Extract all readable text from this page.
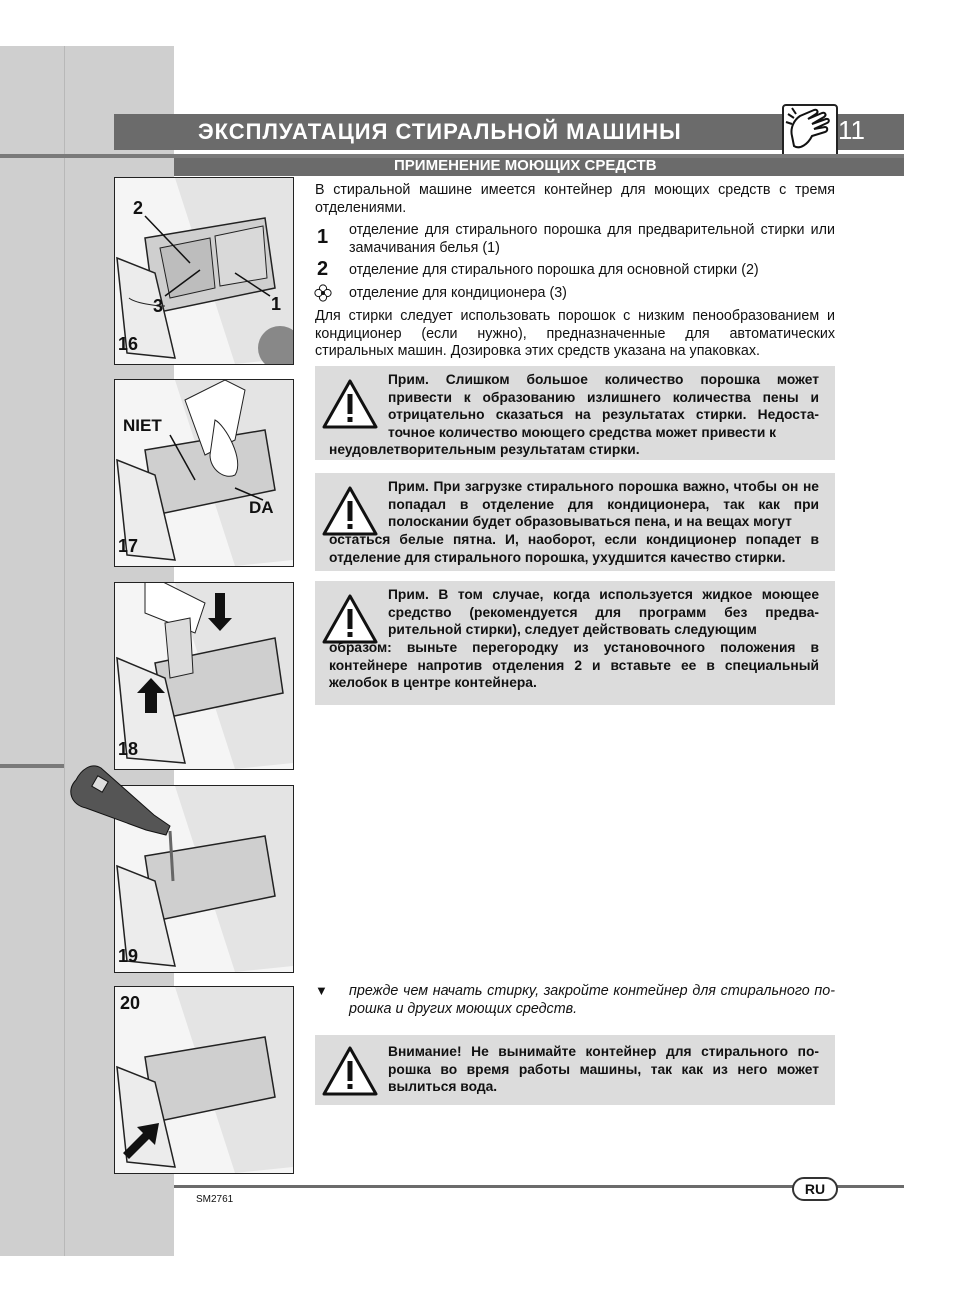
ЭКСПЛУАТАЦИЯ СТИРАЛЬНОЙ МАШИНЫ	11
ПРИМЕНЕНИЕ МОЮЩИХ СРЕДСТВ
2
3	1
16
NIET
DA
17
18
19
20
В стиральной машине имеется контейнер для моющих средств с тремя отделениями.
1 отделение для стирального порошка для предварительной стирки или замачивания белья (1)
2 отделение для стирального порошка для основной стирки (2)
отделение для кондиционера (3)
Для стирки следует использовать порошок с низким пенообразованием и кондиционер (если нужно), предназначенные для автоматических стиральных машин. Дозировка этих средств указана на упаковках.
Прим. Слишком большое количество порошка может привести к образованию излишнего количества пены и отрицательно сказаться на результатах стирки. Недоста-точное количество моющего средства может привести к
неудовлетворительным результатам стирки.
Прим. При загрузке стирального порошка важно, чтобы он не попадал в отделение для кондиционера, так как при полоскании будет образовываться пена, и на вещах могут
остаться белые пятна. И, наоборот, если кондиционер попадет в отделение для стирального порошка, ухудшится качество стирки.
Прим. В том случае, когда используется жидкое моющее средство (рекомендуется для программ без предва-рительной стирки), следует действовать следующим
образом: выньте перегородку из установочного положения в контейнере напротив отделения 2 и вставьте ее в специальный желобок в центре контейнера.
▼ прежде чем начать стирку, закройте контейнер для стирального по-рошка и других моющих средств.
Внимание! Не вынимайте контейнер для стирального по-рошка во время работы машины, так как из него может вылиться вода.
RU
SM2761
